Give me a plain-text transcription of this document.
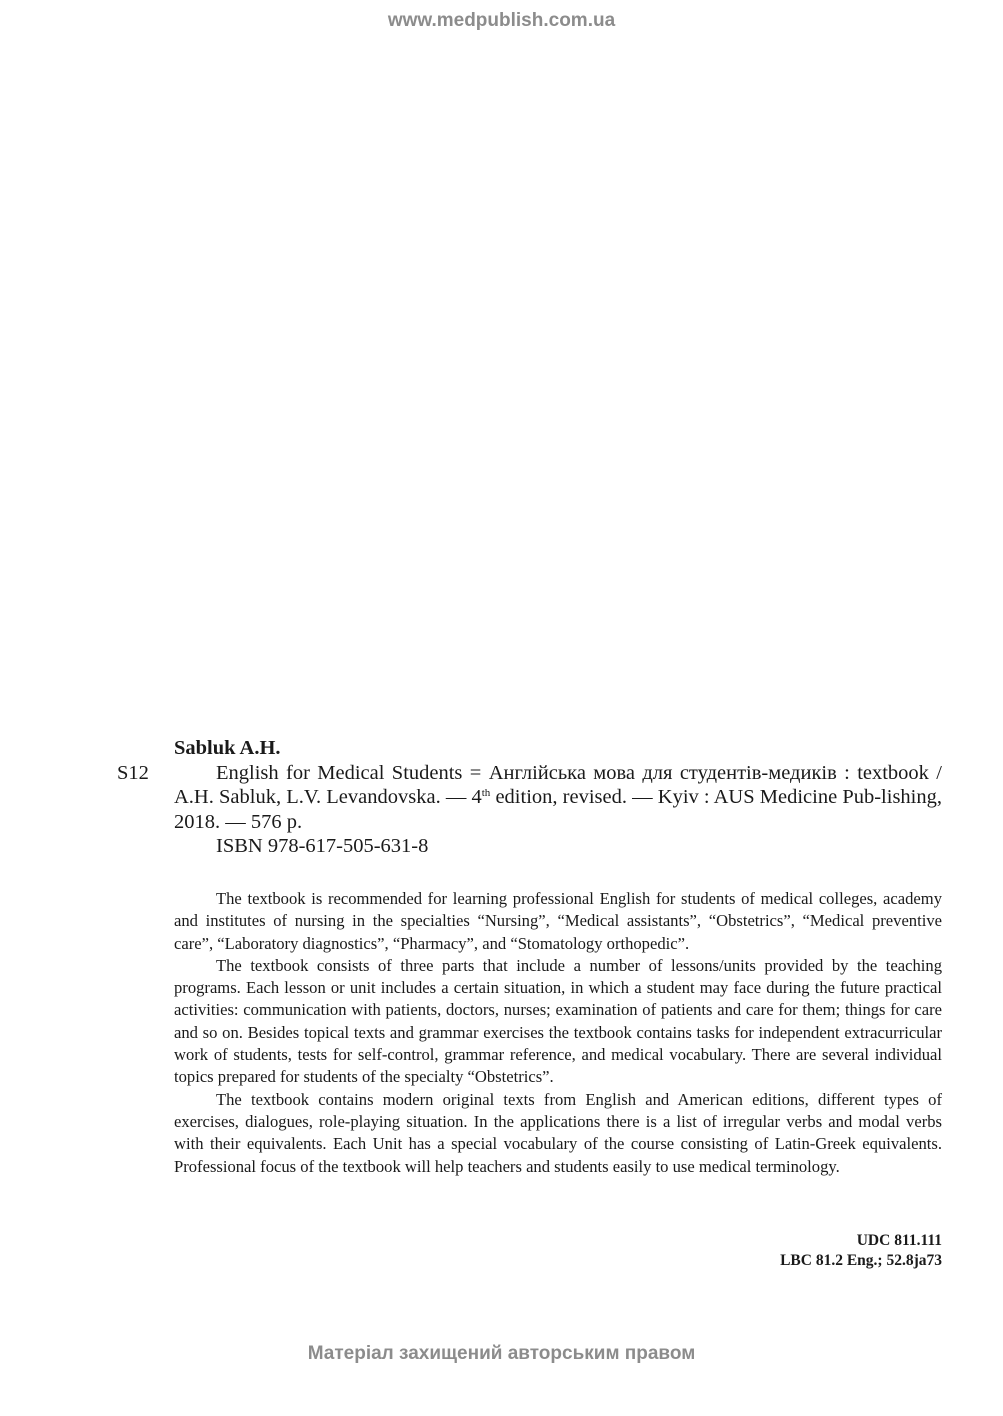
www.medpublish.com.ua
S12
Sabluk A.H.
English for Medical Students = Англійська мова для студентів-медиків : textbook / A.H. Sabluk, L.V. Levandovska. — 4th edition, revised. — Kyiv : AUS Medicine Pub-lishing, 2018. — 576 p.
ISBN 978-617-505-631-8

The textbook is recommended for learning professional English for students of medical colleges, academy and institutes of nursing in the specialties “Nursing”, “Medical assistants”, “Obstetrics”, “Medical preventive care”, “Laboratory diagnostics”, “Pharmacy”, and “Stomatology orthopedic”.

The textbook consists of three parts that include a number of lessons/units provided by the teaching programs. Each lesson or unit includes a certain situation, in which a student may face during the future practical activities: communication with patients, doctors, nurses; examination of patients and care for them; things for care and so on. Besides topical texts and grammar exercises the textbook contains tasks for independent extracurricular work of students, tests for self-control, grammar reference, and medical vocabulary. There are several individual topics prepared for students of the specialty “Obstetrics”.

The textbook contains modern original texts from English and American editions, different types of exercises, dialogues, role-playing situation. In the applications there is a list of irregular verbs and modal verbs with their equivalents. Each Unit has a special vocabulary of the course consisting of Latin-Greek equivalents. Professional focus of the textbook will help teachers and students easily to use medical terminology.

UDC 811.111
LBC 81.2 Eng.; 52.8ja73
Матеріал захищений авторським правом
